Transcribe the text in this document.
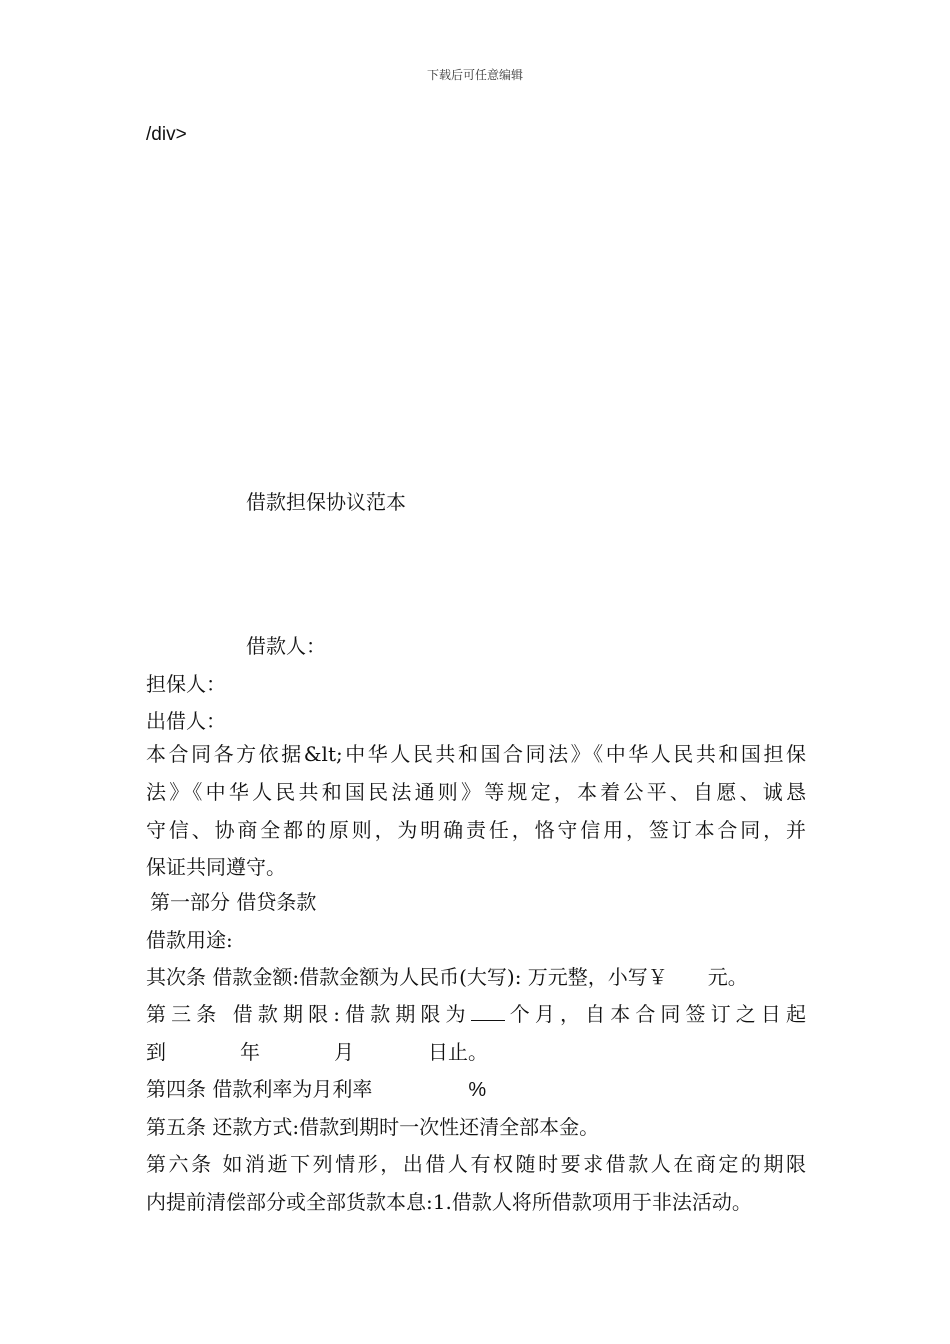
下载后可任意编辑
/div>
借款担保协议范本
借款人：
担保人：
出借人：
本合同各方依据&lt;中华人民共和国合同法》《中华人民共和国担保
法》《中华人民共和国民法通则》等规定，本着公平、自愿、诚恳
守信、协商全都的原则，为明确责任，恪守信用，签订本合同，并
保证共同遵守。
第一部分 借贷条款
借款用途:
其次条 借款金额:借款金额为人民币(大写): 万元整，小写￥　　元。
第三条 借款期限:借款期限为 个月，自本合同签订之日起
到	年	月	日止。
第四条 借款利率为月利率	%
第五条 还款方式:借款到期时一次性还清全部本金。
第六条 如消逝下列情形，出借人有权随时要求借款人在商定的期限
内提前清偿部分或全部货款本息:1.借款人将所借款项用于非法活动。
